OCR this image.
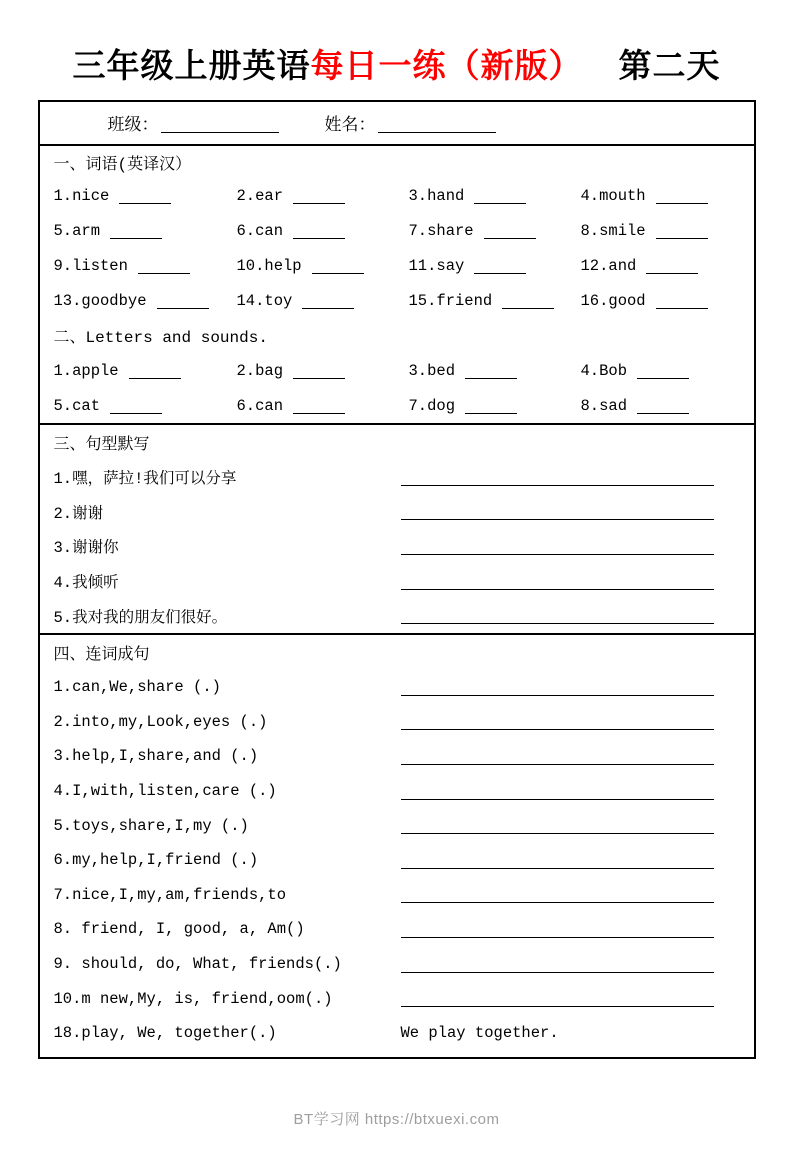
三年级上册英语 每日一练（新版） 第二天
班级：	姓名：
一、词语(英译汉）
1.nice	2.ear	3.hand	4.mouth
5.arm	6.can	7.share	8.smile
9.listen	10.help	11.say	12.and
13.goodbye	14.toy	15.friend	16.good
二、Letters and sounds.
1.apple	2.bag	3.bed	4.Bob
5.cat	6.can	7.dog	8.sad
三、句型默写
1.嘿，萨拉!我们可以分享
2.谢谢
3.谢谢你
4.我倾听
5.我对我的朋友们很好。
四、连词成句
1.can,We,share (.)
2.into,my,Look,eyes (.)
3.help,I,share,and (.)
4.I,with,listen,care (.)
5.toys,share,I,my (.)
6.my,help,I,friend (.)
7.nice,I,my,am,friends,to
8. friend, I, good, a, Am()
9. should, do, What, friends(.)
10.m new,My, is, friend,oom(.)
18.play, We, together(.)	We play together.
BT学习网 https://btxuexi.com
